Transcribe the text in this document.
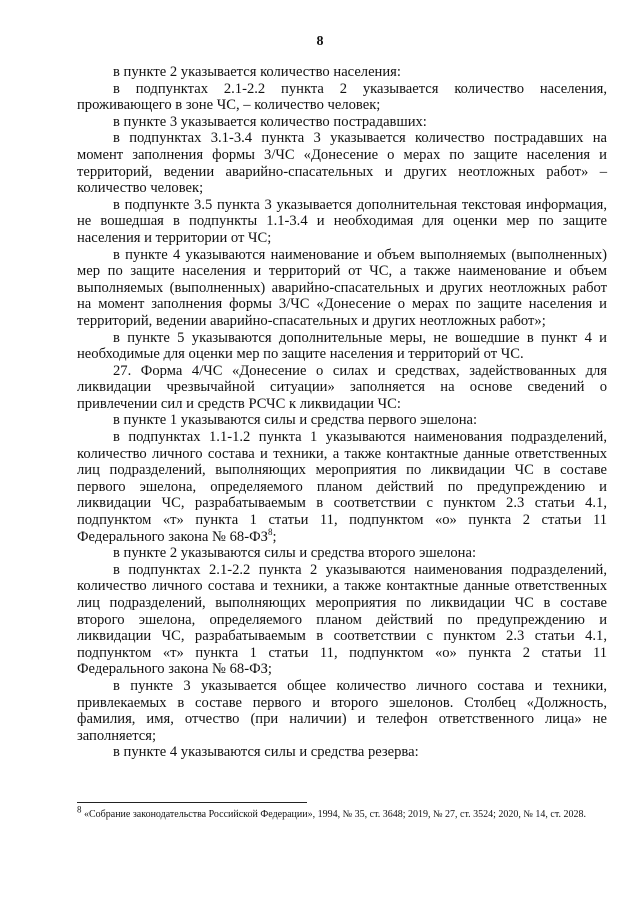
8

в пункте 2 указывается количество населения:

в подпунктах 2.1-2.2 пункта 2 указывается количество населения, проживающего в зоне ЧС, – количество человек;

в пункте 3 указывается количество пострадавших:

в подпунктах 3.1-3.4 пункта 3 указывается количество пострадавших на момент заполнения формы 3/ЧС «Донесение о мерах по защите населения и территорий, ведении аварийно-спасательных и других неотложных работ» – количество человек;

в подпункте 3.5 пункта 3 указывается дополнительная текстовая информация, не вошедшая в подпункты 1.1-3.4 и необходимая для оценки мер по защите населения и территории от ЧС;

в пункте 4 указываются наименование и объем выполняемых (выполненных) мер по защите населения и территорий от ЧС, а также наименование и объем выполняемых (выполненных) аварийно-спасательных и других неотложных работ на момент заполнения формы 3/ЧС «Донесение о мерах по защите населения и территорий, ведении аварийно-спасательных и других неотложных работ»;

в пункте 5 указываются дополнительные меры, не вошедшие в пункт 4 и необходимые для оценки мер по защите населения и территорий от ЧС.

27. Форма 4/ЧС «Донесение о силах и средствах, задействованных для ликвидации чрезвычайной ситуации» заполняется на основе сведений о привлечении сил и средств РСЧС к ликвидации ЧС:

в пункте 1 указываются силы и средства первого эшелона:

в подпунктах 1.1-1.2 пункта 1 указываются наименования подразделений, количество личного состава и техники, а также контактные данные ответственных лиц подразделений, выполняющих мероприятия по ликвидации ЧС в составе первого эшелона, определяемого планом действий по предупреждению и ликвидации ЧС, разрабатываемым в соответствии с пунктом 2.3 статьи 4.1, подпунктом «т» пункта 1 статьи 11, подпунктом «о» пункта 2 статьи 11 Федерального закона № $68-ФЗ^8$;

в пункте 2 указываются силы и средства второго эшелона:

в подпунктах 2.1-2.2 пункта 2 указываются наименования подразделений, количество личного состава и техники, а также контактные данные ответственных лиц подразделений, выполняющих мероприятия по ликвидации ЧС в составе второго эшелона, определяемого планом действий по предупреждению и ликвидации ЧС, разрабатываемым в соответствии с пунктом 2.3 статьи 4.1, подпунктом «т» пункта 1 статьи 11, подпунктом «о» пункта 2 статьи 11 Федерального закона № 68-ФЗ;

в пункте 3 указывается общее количество личного состава и техники, привлекаемых в составе первого и второго эшелонов. Столбец «Должность, фамилия, имя, отчество (при наличии) и телефон ответственного лица» не заполняется;

в пункте 4 указываются силы и средства резерва:

$^8$ «Собрание законодательства Российской Федерации», 1994, № 35, ст. 3648; 2019, № 27, ст. 3524; 2020, № 14, ст. 2028.
